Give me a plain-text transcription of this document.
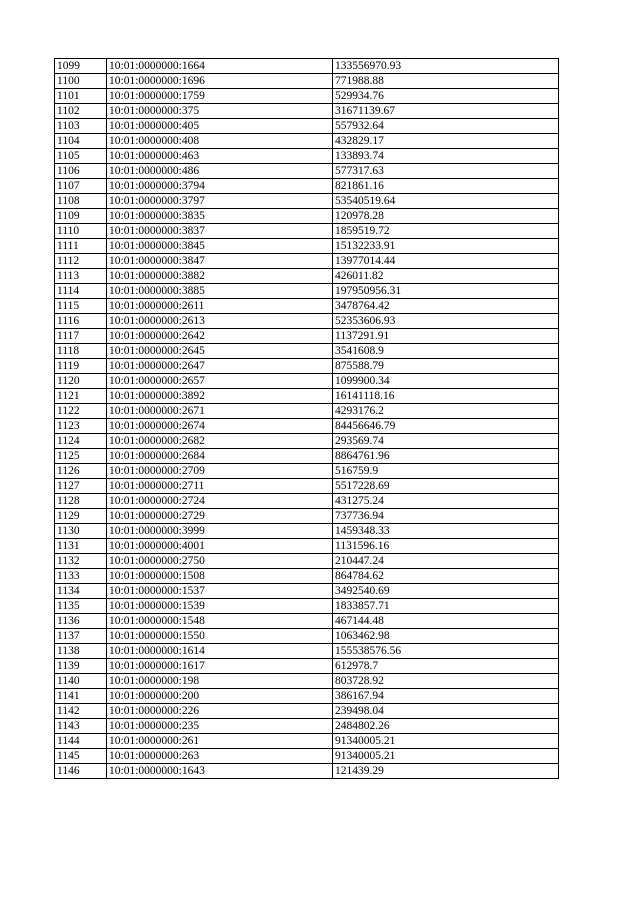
1099	10:01:0000000:1664	133556970.93
1100	10:01:0000000:1696	771988.88
1101	10:01:0000000:1759	529934.76
1102	10:01:0000000:375	31671139.67
1103	10:01:0000000:405	557932.64
1104	10:01:0000000:408	432829.17
1105	10:01:0000000:463	133893.74
1106	10:01:0000000:486	577317.63
1107	10:01:0000000:3794	821861.16
1108	10:01:0000000:3797	53540519.64
1109	10:01:0000000:3835	120978.28
1110	10:01:0000000:3837	1859519.72
1111	10:01:0000000:3845	15132233.91
1112	10:01:0000000:3847	13977014.44
1113	10:01:0000000:3882	426011.82
1114	10:01:0000000:3885	197950956.31
1115	10:01:0000000:2611	3478764.42
1116	10:01:0000000:2613	52353606.93
1117	10:01:0000000:2642	1137291.91
1118	10:01:0000000:2645	3541608.9
1119	10:01:0000000:2647	875588.79
1120	10:01:0000000:2657	1099900.34
1121	10:01:0000000:3892	16141118.16
1122	10:01:0000000:2671	4293176.2
1123	10:01:0000000:2674	84456646.79
1124	10:01:0000000:2682	293569.74
1125	10:01:0000000:2684	8864761.96
1126	10:01:0000000:2709	516759.9
1127	10:01:0000000:2711	5517228.69
1128	10:01:0000000:2724	431275.24
1129	10:01:0000000:2729	737736.94
1130	10:01:0000000:3999	1459348.33
1131	10:01:0000000:4001	1131596.16
1132	10:01:0000000:2750	210447.24
1133	10:01:0000000:1508	864784.62
1134	10:01:0000000:1537	3492540.69
1135	10:01:0000000:1539	1833857.71
1136	10:01:0000000:1548	467144.48
1137	10:01:0000000:1550	1063462.98
1138	10:01:0000000:1614	155538576.56
1139	10:01:0000000:1617	612978.7
1140	10:01:0000000:198	803728.92
1141	10:01:0000000:200	386167.94
1142	10:01:0000000:226	239498.04
1143	10:01:0000000:235	2484802.26
1144	10:01:0000000:261	91340005.21
1145	10:01:0000000:263	91340005.21
1146	10:01:0000000:1643	121439.29
